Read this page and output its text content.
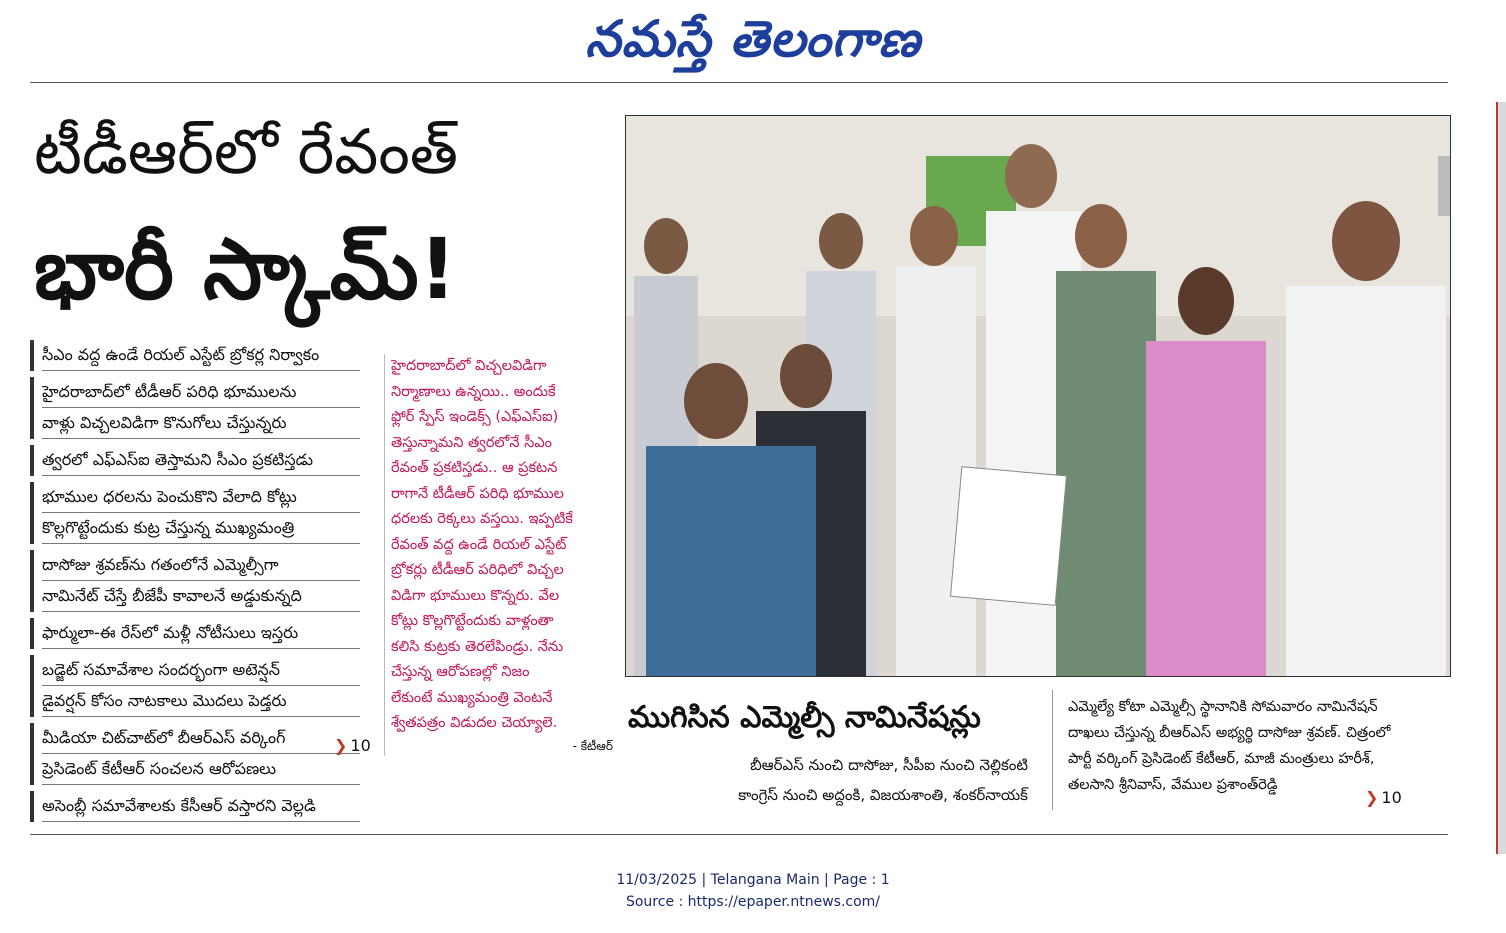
నమస్తే తెలంగాణ
టీడీఆర్‌లో రేవంత్
భారీ స్కామ్‌!
సీఎం వద్ద ఉండే రియల్‌ ఎస్టేట్‌ బ్రోకర్ల నిర్వాకం
హైదరాబాద్‌లో టీడీఆర్‌ పరిధి భూములను
వాళ్లు విచ్చలవిడిగా కొనుగోలు చేస్తున్నరు
త్వరలో ఎఫ్‌ఎస్‌ఐ తెస్తామని సీఎం ప్రకటిస్తడు
భూముల ధరలను పెంచుకొని వేలాది కోట్లు
కొల్లగొట్టేందుకు కుట్ర చేస్తున్న ముఖ్యమంత్రి
దాసోజు శ్రవణ్‌ను గతంలోనే ఎమ్మెల్సీగా
నామినేట్‌ చేస్తే బీజేపీ కావాలనే అడ్డుకున్నది
ఫార్ములా-ఈ రేస్‌లో మళ్లీ నోటీసులు ఇస్తరు
బడ్జెట్‌ సమావేశాల సందర్భంగా అటెన్షన్‌
డైవర్షన్‌ కోసం నాటకాలు మొదలు పెడ్తరు
మీడియా చిట్‌చాట్‌లో బీఆర్‌ఎస్‌ వర్కింగ్‌
ప్రెసిడెంట్‌ కేటీఆర్‌ సంచలన ఆరోపణలు
అసెంబ్లీ సమావేశాలకు కేసీఆర్‌ వస్తారని వెల్లడి
❯ 10
హైదరాబాద్‌లో విచ్చలవిడిగా
నిర్మాణాలు ఉన్నయి.. అందుకే
ఫ్లోర్‌ స్పేస్‌ ఇండెక్స్‌ (ఎఫ్‌ఎస్‌ఐ)
తెస్తున్నామని త్వరలోనే సీఎం
రేవంత్‌ ప్రకటిస్తడు.. ఆ ప్రకటన
రాగానే టీడీఆర్‌ పరిధి భూముల
ధరలకు రెక్కలు వస్తయి. ఇప్పటికే
రేవంత్‌ వద్ద ఉండే రియల్‌ ఎస్టేట్‌
బ్రోకర్లు టీడీఆర్‌ పరిధిలో విచ్చల
విడిగా భూములు కొన్నరు. వేల
కోట్లు కొల్లగొట్టేందుకు వాళ్లంతా
కలిసి కుట్రకు తెరలేపిండ్రు. నేను
చేస్తున్న ఆరోపణల్లో నిజం
లేకుంటే ముఖ్యమంత్రి వెంటనే
శ్వేతపత్రం విడుదల చెయ్యాలె.
- కేటీఆర్‌
ముగిసిన ఎమ్మెల్సీ నామినేషన్లు
బీఆర్‌ఎస్‌ నుంచి దాసోజు, సీపీఐ నుంచి నెల్లికంటి
కాంగ్రెస్‌ నుంచి అద్దంకి, విజయశాంతి, శంకర్‌నాయక్‌
ఎమ్మెల్యే కోటా ఎమ్మెల్సీ స్థానానికి సోమవారం నామినేషన్‌
దాఖలు చేస్తున్న బీఆర్‌ఎస్‌ అభ్యర్థి దాసోజు శ్రవణ్‌. చిత్రంలో
పార్టీ వర్కింగ్‌ ప్రెసిడెంట్‌ కేటీఆర్‌, మాజీ మంత్రులు హరీశ్‌,
తలసాని శ్రీనివాస్‌, వేముల ప్రశాంత్‌రెడ్డి
❯ 10
11/03/2025 | Telangana Main | Page : 1
Source : https://epaper.ntnews.com/
